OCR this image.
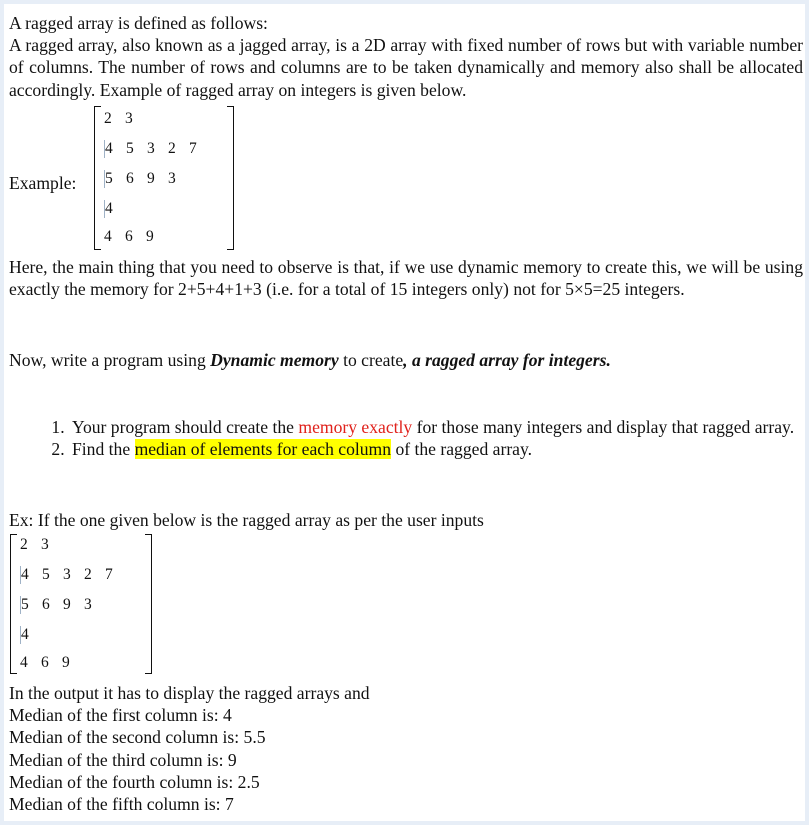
A ragged array is defined as follows:
A ragged array, also known as a jagged array, is a 2D array with fixed number of rows but with variable number of columns. The number of rows and columns are to be taken dynamically and memory also shall be allocated accordingly. Example of ragged array on integers is given below.
Example:
2 3
4 5 3 2 7
5 6 9 3
4
4 6 9
Here, the main thing that you need to observe is that, if we use dynamic memory to create this, we will be using exactly the memory for 2+5+4+1+3 (i.e. for a total of 15 integers only) not for 5×5=25 integers.
Now, write a program using Dynamic memory to create, a ragged array for integers.
1. Your program should create the memory exactly for those many integers and display that ragged array.
2. Find the median of elements for each column of the ragged array.
Ex: If the one given below is the ragged array as per the user inputs
2 3
4 5 3 2 7
5 6 9 3
4
4 6 9
In the output it has to display the ragged arrays and
Median of the first column is: 4
Median of the second column is: 5.5
Median of the third column is: 9
Median of the fourth column is: 2.5
Median of the fifth column is: 7
